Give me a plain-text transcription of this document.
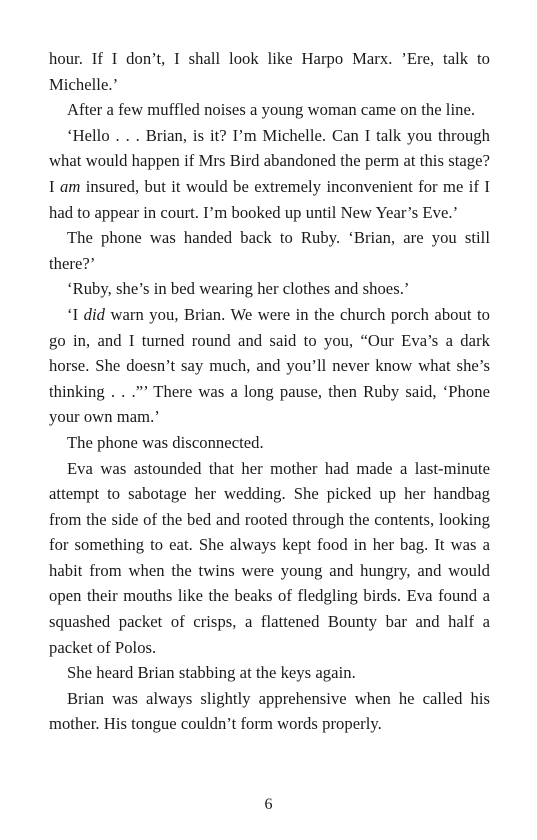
hour. If I don’t, I shall look like Harpo Marx. ’Ere, talk to Michelle.’

After a few muffled noises a young woman came on the line.

‘Hello . . . Brian, is it? I’m Michelle. Can I talk you through what would happen if Mrs Bird abandoned the perm at this stage? I am insured, but it would be extremely inconvenient for me if I had to appear in court. I’m booked up until New Year’s Eve.’

The phone was handed back to Ruby. ‘Brian, are you still there?’

‘Ruby, she’s in bed wearing her clothes and shoes.’

‘I did warn you, Brian. We were in the church porch about to go in, and I turned round and said to you, “Our Eva’s a dark horse. She doesn’t say much, and you’ll never know what she’s thinking . . .”’ There was a long pause, then Ruby said, ‘Phone your own mam.’

The phone was disconnected.

Eva was astounded that her mother had made a last-minute attempt to sabotage her wedding. She picked up her handbag from the side of the bed and rooted through the contents, looking for something to eat. She always kept food in her bag. It was a habit from when the twins were young and hungry, and would open their mouths like the beaks of fledgling birds. Eva found a squashed packet of crisps, a flattened Bounty bar and half a packet of Polos.

She heard Brian stabbing at the keys again.

Brian was always slightly apprehensive when he called his mother. His tongue couldn’t form words properly.

6
